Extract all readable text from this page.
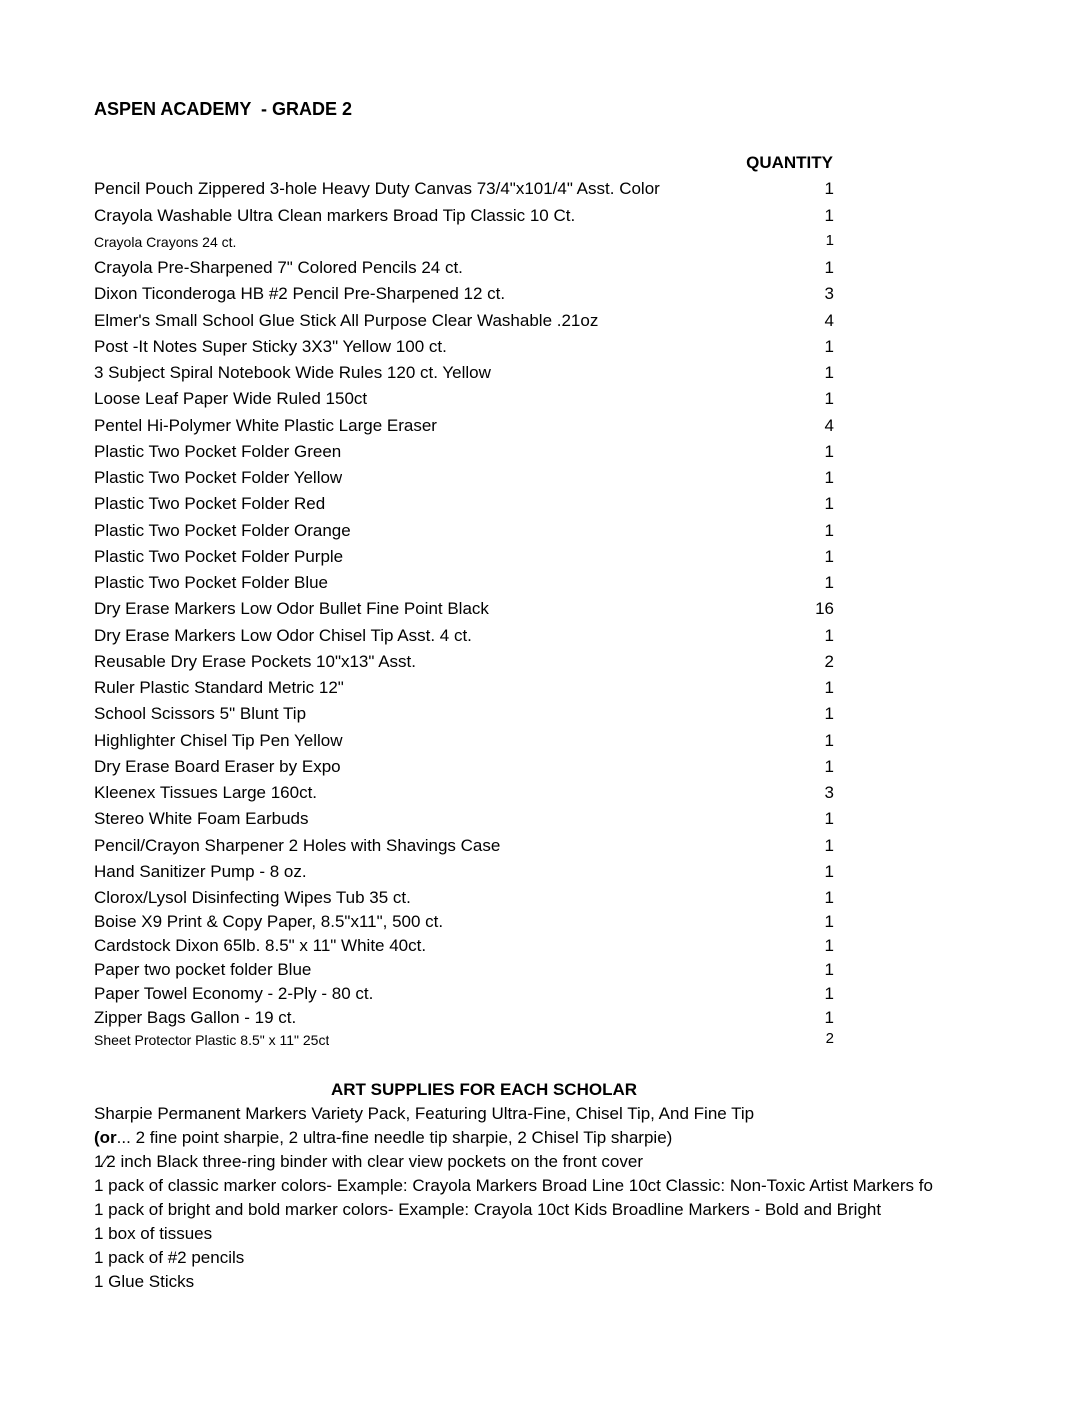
ASPEN ACADEMY  - GRADE 2
QUANTITY
Pencil Pouch Zippered 3-hole Heavy Duty Canvas 73/4"x101/4" Asst. Color	1
Crayola Washable Ultra Clean markers Broad Tip Classic 10 Ct.	1
Crayola Crayons 24 ct.	1
Crayola Pre-Sharpened 7" Colored Pencils 24 ct.	1
Dixon Ticonderoga HB #2 Pencil Pre-Sharpened 12 ct.	3
Elmer's Small School Glue Stick All Purpose Clear Washable .21oz	4
Post -It Notes Super Sticky 3X3" Yellow 100 ct.	1
3 Subject Spiral Notebook Wide Rules 120 ct. Yellow	1
Loose Leaf Paper Wide Ruled 150ct	1
Pentel Hi-Polymer White Plastic Large Eraser	4
Plastic Two Pocket Folder Green	1
Plastic Two Pocket Folder Yellow	1
Plastic Two Pocket Folder Red	1
Plastic Two Pocket Folder Orange	1
Plastic Two Pocket Folder Purple	1
Plastic Two Pocket Folder Blue	1
Dry Erase Markers Low Odor Bullet Fine Point Black	16
Dry Erase Markers Low Odor Chisel Tip Asst. 4 ct.	1
Reusable Dry Erase Pockets 10"x13" Asst.	2
Ruler Plastic Standard Metric 12"	1
School Scissors 5" Blunt Tip	1
Highlighter Chisel Tip Pen Yellow	1
Dry Erase Board Eraser by Expo	1
Kleenex Tissues Large 160ct.	3
Stereo White Foam Earbuds	1
Pencil/Crayon Sharpener 2 Holes with Shavings Case	1
Hand Sanitizer Pump - 8 oz.	1
Clorox/Lysol Disinfecting Wipes Tub 35 ct.	1
Boise X9 Print & Copy Paper, 8.5"x11", 500 ct.	1
Cardstock Dixon 65lb. 8.5" x 11" White 40ct.	1
Paper two pocket folder Blue	1
Paper Towel Economy - 2-Ply - 80 ct.	1
Zipper Bags Gallon - 19 ct.	1
Sheet Protector Plastic 8.5" x 11" 25ct	2
ART SUPPLIES FOR EACH SCHOLAR
Sharpie Permanent Markers Variety Pack, Featuring Ultra-Fine, Chisel Tip, And Fine Tip
(or... 2 fine point sharpie, 2 ultra-fine needle tip sharpie, 2 Chisel Tip sharpie)
1⁄2 inch Black three-ring binder with clear view pockets on the front cover
1 pack of classic marker colors- Example: Crayola Markers Broad Line 10ct Classic: Non-Toxic Artist Markers fo
1 pack of bright and bold marker colors- Example: Crayola 10ct Kids Broadline Markers - Bold and Bright
1 box of tissues
1 pack of #2 pencils
1 Glue Sticks
